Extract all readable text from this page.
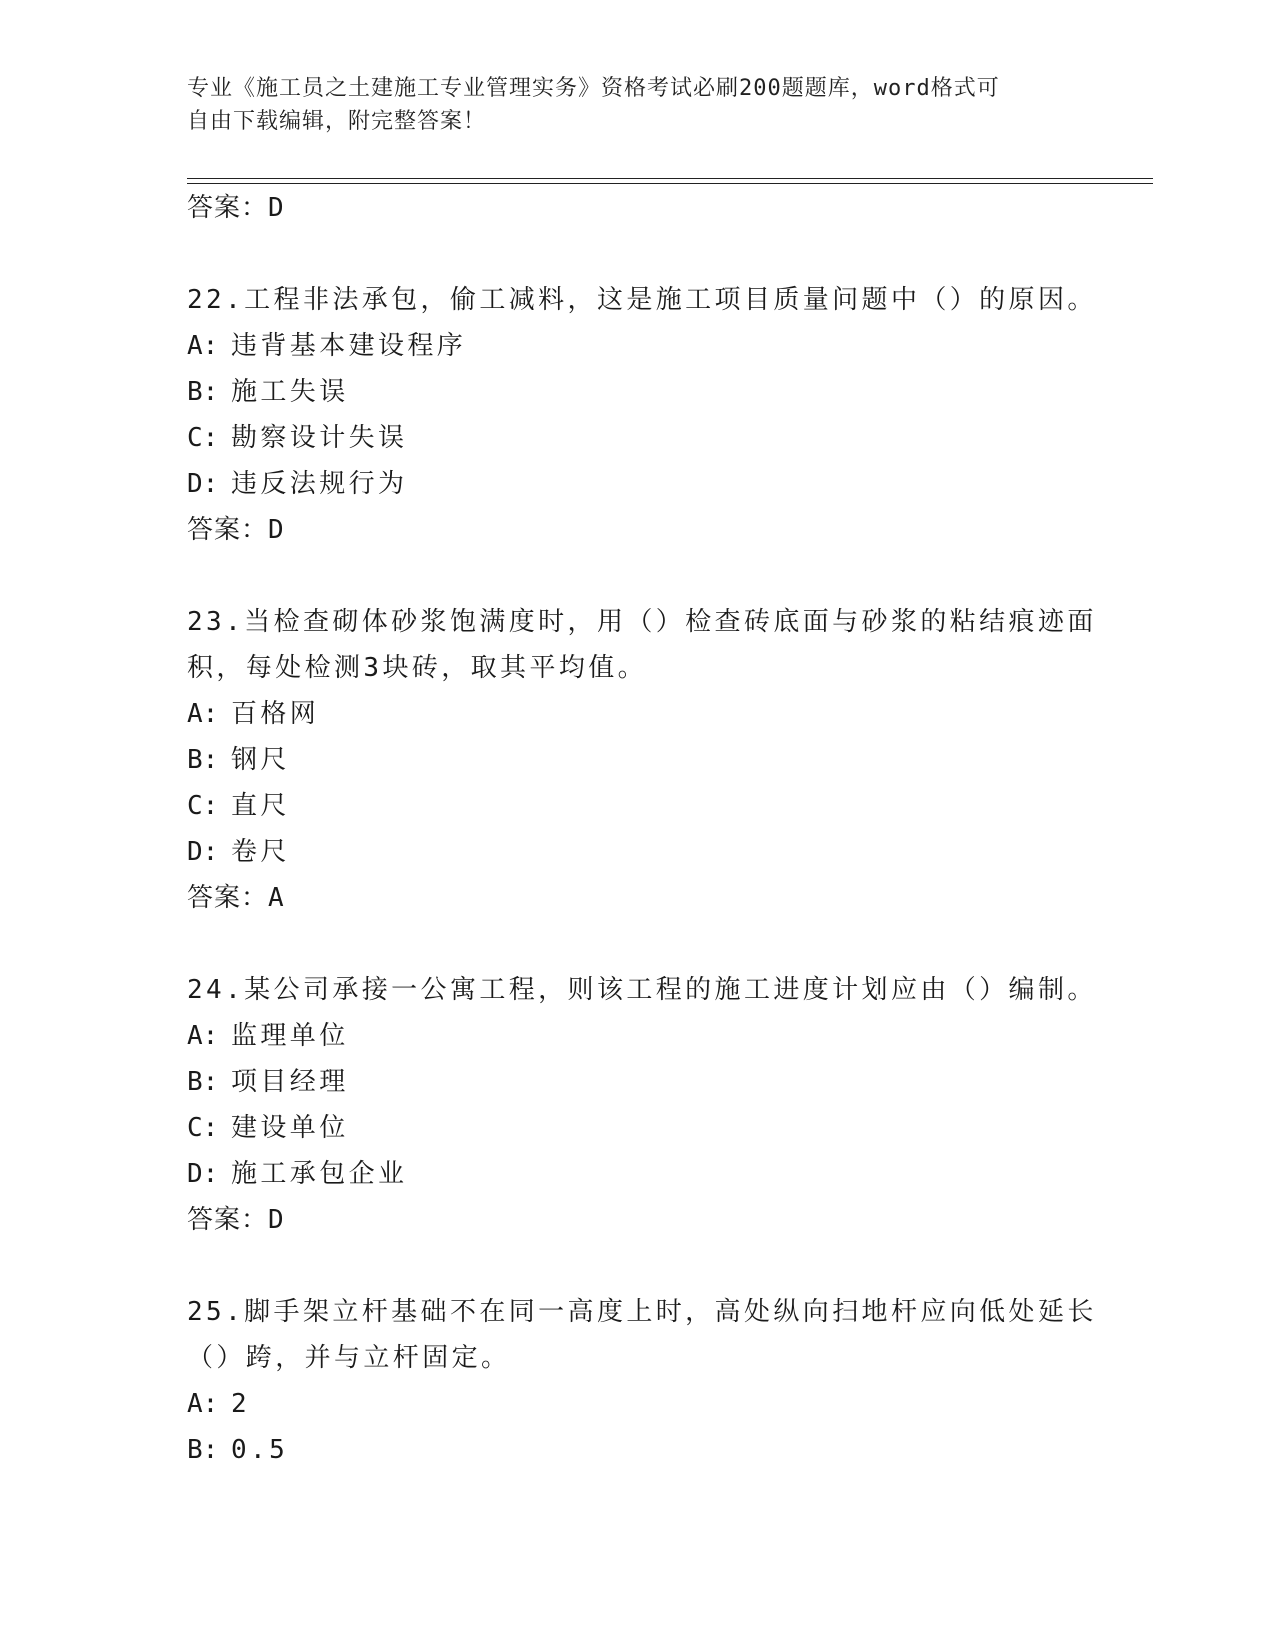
专业《施工员之土建施工专业管理实务》资格考试必刷200题题库，word格式可
自由下载编辑，附完整答案！
答案：D
22.工程非法承包，偷工减料，这是施工项目质量问题中（）的原因。
A: 违背基本建设程序
B: 施工失误
C: 勘察设计失误
D: 违反法规行为
答案：D
23.当检查砌体砂浆饱满度时，用（）检查砖底面与砂浆的粘结痕迹面
积，每处检测3块砖，取其平均值。
A: 百格网
B: 钢尺
C: 直尺
D: 卷尺
答案：A
24.某公司承接一公寓工程，则该工程的施工进度计划应由（）编制。
A: 监理单位
B: 项目经理
C: 建设单位
D: 施工承包企业
答案：D
25.脚手架立杆基础不在同一高度上时，高处纵向扫地杆应向低处延长
（）跨，并与立杆固定。
A: 2
B: 0.5
